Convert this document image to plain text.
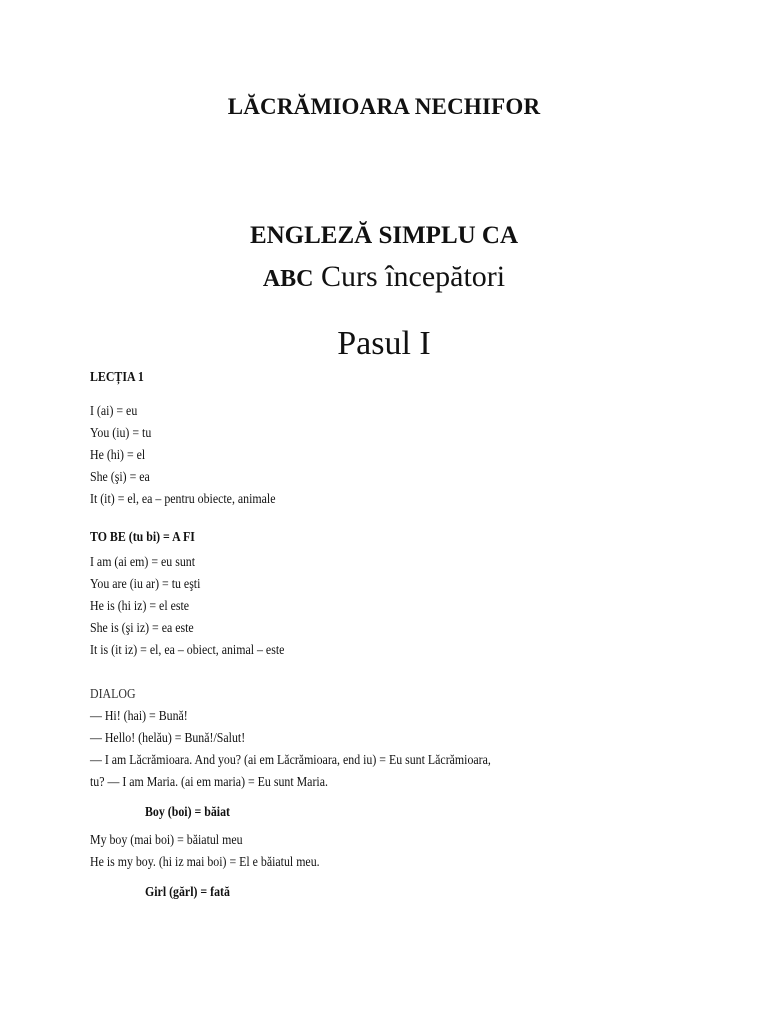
LĂCRĂMIOARA NECHIFOR
ENGLEZĂ SIMPLU CA
ABC Curs începători
Pasul I
LECȚIA 1
I (ai) = eu
You (iu) = tu
He (hi) = el
She (şi) = ea
It (it) = el, ea – pentru obiecte, animale
TO BE (tu bi) = A FI
I am (ai em) = eu sunt
You are (iu ar) = tu eşti
He is (hi iz) = el este
She is (şi iz) = ea este
It is (it iz) = el, ea – obiect, animal – este
DIALOG
— Hi! (hai) = Bună!
— Hello! (helău) = Bună!/Salut!
— I am Lăcrămioara. And you? (ai em Lăcrămioara, end iu) = Eu sunt Lăcrămioara,
tu? — I am Maria. (ai em maria) = Eu sunt Maria.
Boy (boi) = băiat
My boy (mai boi) = băiatul meu
He is my boy. (hi iz mai boi) = El e băiatul meu.
Girl (gărl) = fată
